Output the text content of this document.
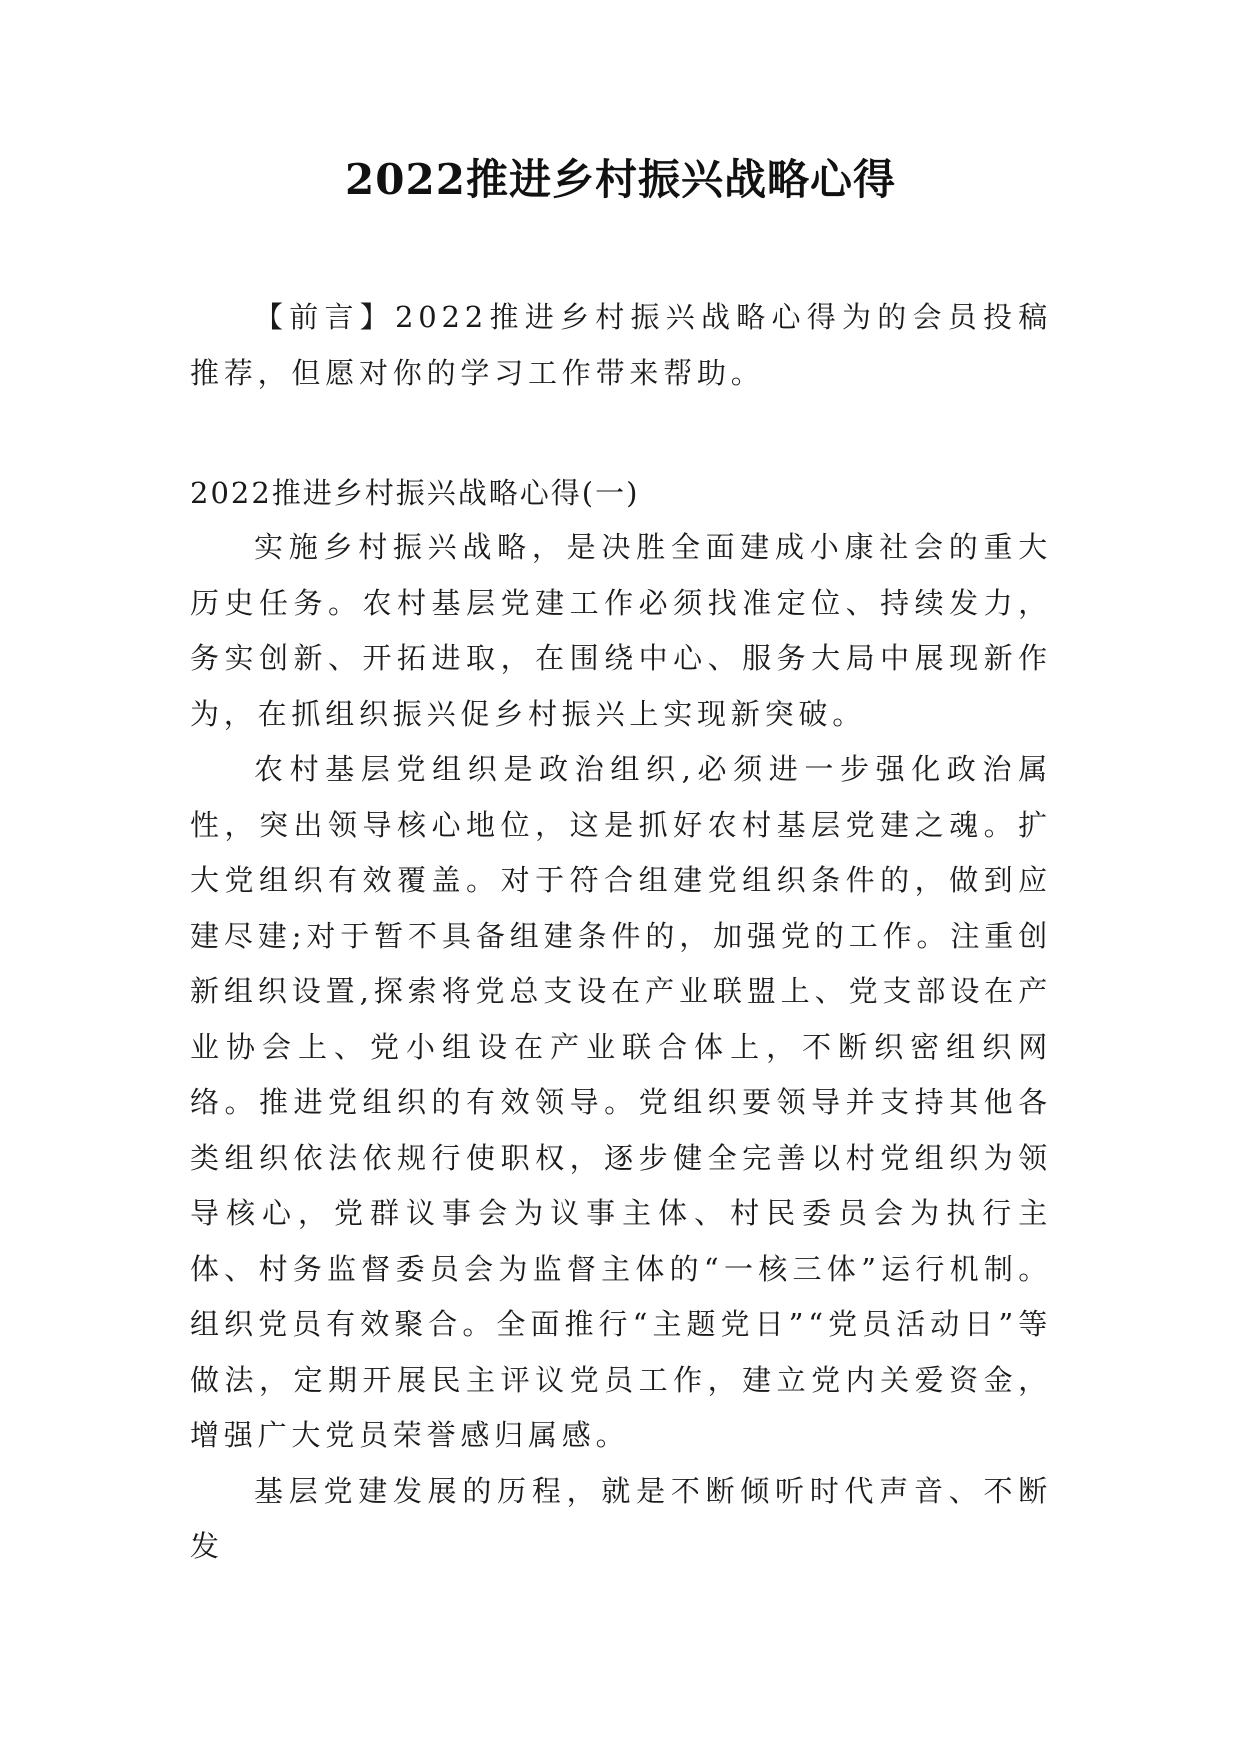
2022推进乡村振兴战略心得
【前言】2022推进乡村振兴战略心得为的会员投稿推荐，但愿对你的学习工作带来帮助。
2022推进乡村振兴战略心得(一)

实施乡村振兴战略，是决胜全面建成小康社会的重大历史任务。农村基层党建工作必须找准定位、持续发力，务实创新、开拓进取，在围绕中心、服务大局中展现新作为，在抓组织振兴促乡村振兴上实现新突破。

农村基层党组织是政治组织,必须进一步强化政治属性，突出领导核心地位，这是抓好农村基层党建之魂。扩大党组织有效覆盖。对于符合组建党组织条件的，做到应建尽建;对于暂不具备组建条件的，加强党的工作。注重创新组织设置,探索将党总支设在产业联盟上、党支部设在产业协会上、党小组设在产业联合体上，不断织密组织网络。推进党组织的有效领导。党组织要领导并支持其他各类组织依法依规行使职权，逐步健全完善以村党组织为领导核心，党群议事会为议事主体、村民委员会为执行主体、村务监督委员会为监督主体的“一核三体”运行机制。组织党员有效聚合。全面推行“主题党日”“党员活动日”等做法，定期开展民主评议党员工作，建立党内关爱资金，增强广大党员荣誉感归属感。

基层党建发展的历程，就是不断倾听时代声音、不断发
